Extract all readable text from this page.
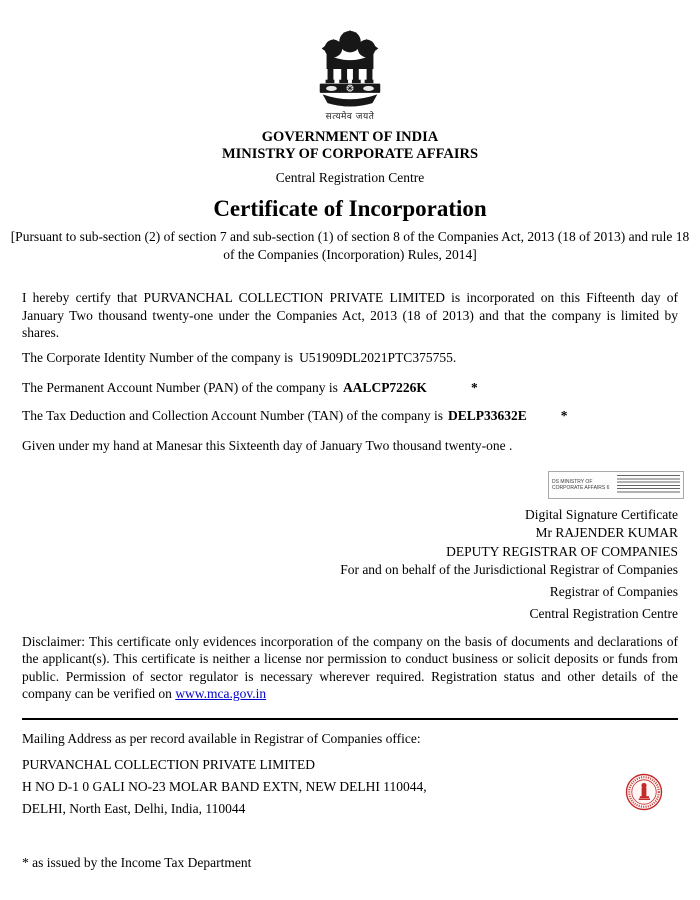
सत्यमेव जयते
GOVERNMENT OF INDIA
MINISTRY OF CORPORATE AFFAIRS
Central Registration Centre
Certificate of Incorporation
[Pursuant to sub-section (2) of section 7 and sub-section (1) of section 8 of the Companies Act, 2013 (18 of 2013) and rule 18 of the Companies (Incorporation) Rules, 2014]

I hereby certify that PURVANCHAL COLLECTION PRIVATE LIMITED is incorporated on this Fifteenth day of January Two thousand twenty-one under the Companies Act, 2013 (18 of 2013) and that the company is limited by shares.

The Corporate Identity Number of the company is U51909DL2021PTC375755.
The Permanent Account Number (PAN) of the company is AALCP7226K	*
The Tax Deduction and Collection Account Number (TAN) of the company is DELP33632E	*
Given under my hand at Manesar this Sixteenth day of January Two thousand twenty-one .
DS MINISTRY OF CORPORATE AFFAIRS 6
Digital Signature Certificate
Mr RAJENDER KUMAR
DEPUTY REGISTRAR OF COMPANIES
For and on behalf of the Jurisdictional Registrar of Companies
Registrar of Companies
Central Registration Centre

Disclaimer: This certificate only evidences incorporation of the company on the basis of documents and declarations of the applicant(s). This certificate is neither a license nor permission to conduct business or solicit deposits or funds from public. Permission of sector regulator is necessary wherever required. Registration status and other details of the company can be verified on www.mca.gov.in

Mailing Address as per record available in Registrar of Companies office:
PURVANCHAL COLLECTION PRIVATE LIMITED
H NO D-1 0 GALI NO-23 MOLAR BAND EXTN, NEW DELHI 110044,
DELHI, North East, Delhi, India, 110044
* as issued by the Income Tax Department
